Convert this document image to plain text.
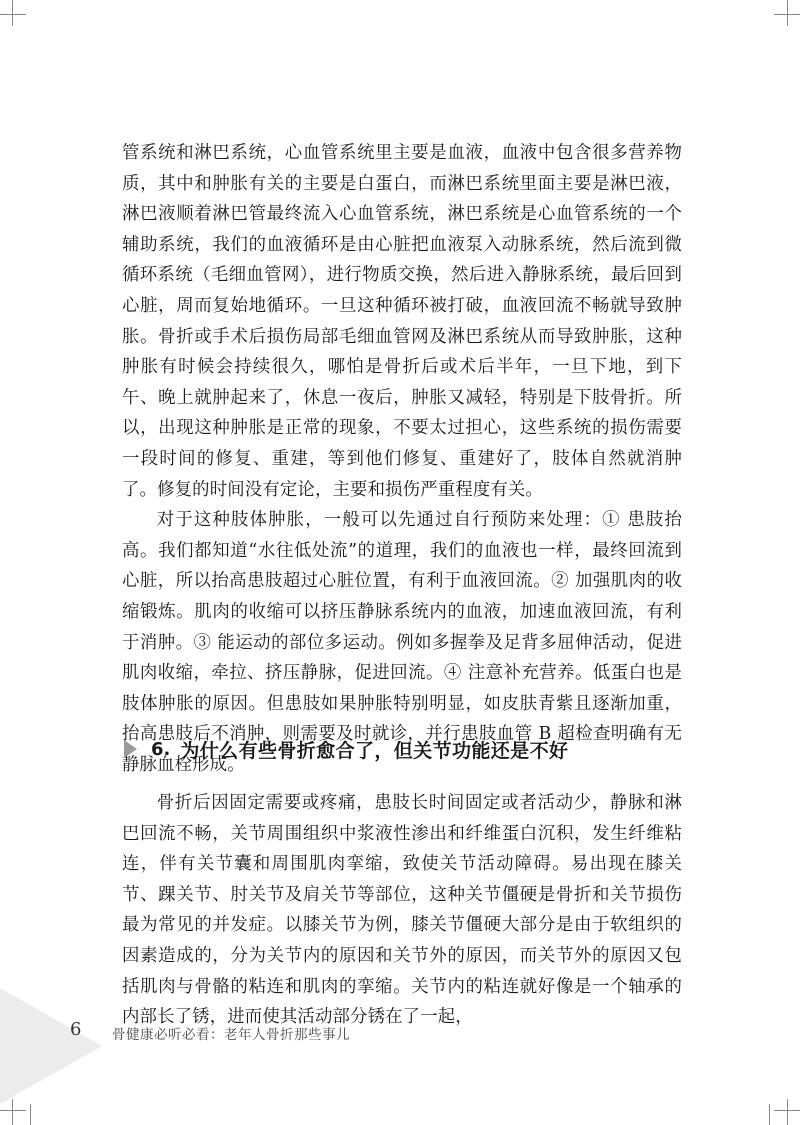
管系统和淋巴系统，心血管系统里主要是血液，血液中包含很多营养物质，其中和肿胀有关的主要是白蛋白，而淋巴系统里面主要是淋巴液，淋巴液顺着淋巴管最终流入心血管系统，淋巴系统是心血管系统的一个辅助系统，我们的血液循环是由心脏把血液泵入动脉系统，然后流到微循环系统（毛细血管网），进行物质交换，然后进入静脉系统，最后回到心脏，周而复始地循环。一旦这种循环被打破，血液回流不畅就导致肿胀。骨折或手术后损伤局部毛细血管网及淋巴系统从而导致肿胀，这种肿胀有时候会持续很久，哪怕是骨折后或术后半年，一旦下地，到下午、晚上就肿起来了，休息一夜后，肿胀又减轻，特别是下肢骨折。所以，出现这种肿胀是正常的现象，不要太过担心，这些系统的损伤需要一段时间的修复、重建，等到他们修复、重建好了，肢体自然就消肿了。修复的时间没有定论，主要和损伤严重程度有关。

对于这种肢体肿胀，一般可以先通过自行预防来处理：① 患肢抬高。我们都知道“水往低处流”的道理，我们的血液也一样，最终回流到心脏，所以抬高患肢超过心脏位置，有利于血液回流。② 加强肌肉的收缩锻炼。肌肉的收缩可以挤压静脉系统内的血液，加速血液回流，有利于消肿。③ 能运动的部位多运动。例如多握拳及足背多屈伸活动，促进肌肉收缩，牵拉、挤压静脉，促进回流。④ 注意补充营养。低蛋白也是肢体肿胀的原因。但患肢如果肿胀特别明显，如皮肤青紫且逐渐加重，抬高患肢后不消肿，则需要及时就诊，并行患肢血管 B 超检查明确有无静脉血栓形成。

6. 为什么有些骨折愈合了，但关节功能还是不好

骨折后因固定需要或疼痛，患肢长时间固定或者活动少，静脉和淋巴回流不畅，关节周围组织中浆液性渗出和纤维蛋白沉积，发生纤维粘连，伴有关节囊和周围肌肉挛缩，致使关节活动障碍。易出现在膝关节、踝关节、肘关节及肩关节等部位，这种关节僵硬是骨折和关节损伤最为常见的并发症。以膝关节为例，膝关节僵硬大部分是由于软组织的因素造成的，分为关节内的原因和关节外的原因，而关节外的原因又包括肌肉与骨骼的粘连和肌肉的挛缩。关节内的粘连就好像是一个轴承的内部长了锈，进而使其活动部分锈在了一起，

6 骨健康必听必看：老年人骨折那些事儿
